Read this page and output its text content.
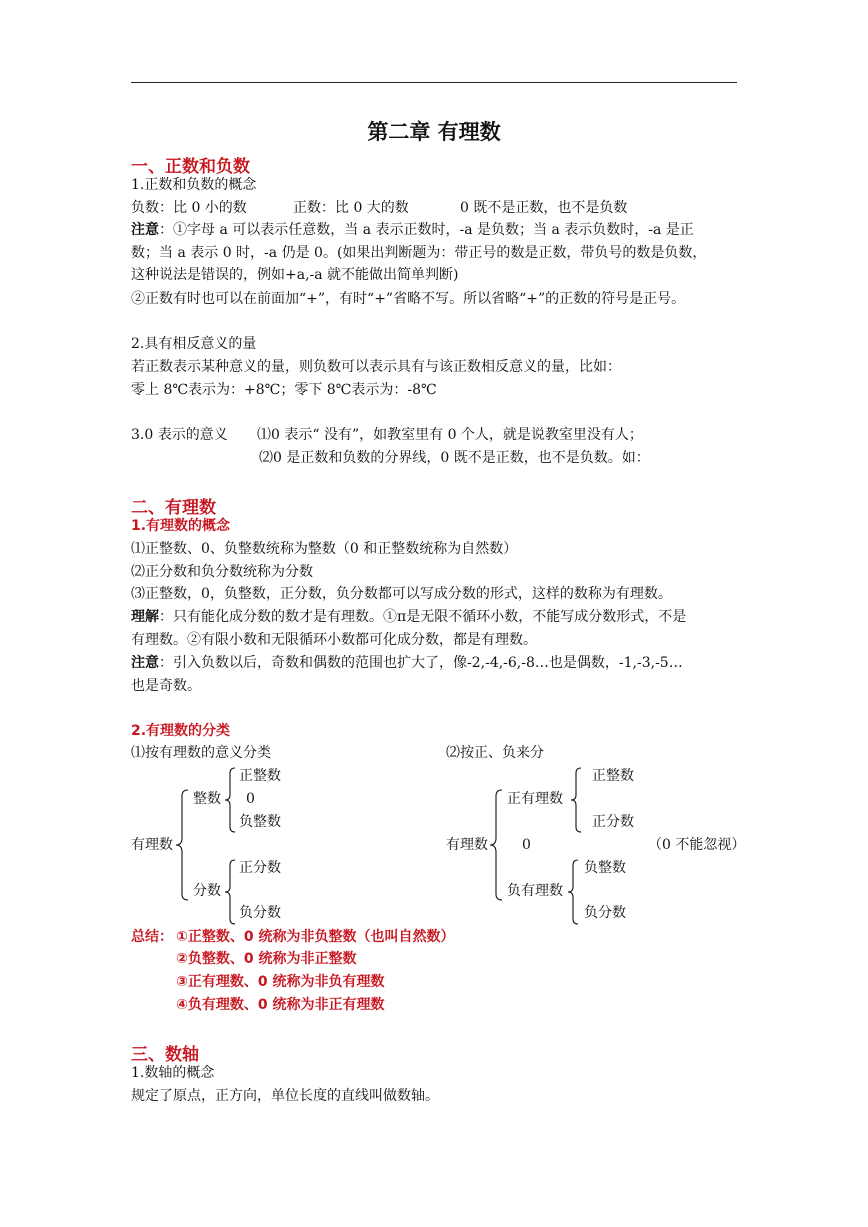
第二章 有理数
一、正数和负数
1.正数和负数的概念
负数：比 0 小的数	正数：比 0 大的数	0 既不是正数，也不是负数
注意：①字母 a 可以表示任意数，当 a 表示正数时，-a 是负数；当 a 表示负数时，-a 是正
数；当 a 表示 0 时，-a 仍是 0。(如果出判断题为：带正号的数是正数，带负号的数是负数，
这种说法是错误的，例如+a,-a 就不能做出简单判断)
②正数有时也可以在前面加“+”，有时“+”省略不写。所以省略“+”的正数的符号是正号。
2.具有相反意义的量
若正数表示某种意义的量，则负数可以表示具有与该正数相反意义的量，比如：
零上 8℃表示为：+8℃；零下 8℃表示为：-8℃
3.0 表示的意义 ⑴0 表示“ 没有”，如教室里有 0 个人，就是说教室里没有人；
⑵0 是正数和负数的分界线，0 既不是正数，也不是负数。如：
二、有理数
1.有理数的概念
⑴正整数、0、负整数统称为整数（0 和正整数统称为自然数）
⑵正分数和负分数统称为分数
⑶正整数，0，负整数，正分数，负分数都可以写成分数的形式，这样的数称为有理数。
理解：只有能化成分数的数才是有理数。①π是无限不循环小数，不能写成分数形式，不是
有理数。②有限小数和无限循环小数都可化成分数，都是有理数。
注意：引入负数以后，奇数和偶数的范围也扩大了，像-2,-4,-6,-8…也是偶数，-1,-3,-5…
也是奇数。
2.有理数的分类
⑴按有理数的意义分类
有理数
整数
分数
正整数
0
负整数
正分数
负分数
⑵按正、负来分
有理数
正有理数
0
负有理数
正整数
正分数
负整数
负分数
（0 不能忽视）
总结： ①正整数、0 统称为非负整数（也叫自然数）
②负整数、0 统称为非正整数
③正有理数、0 统称为非负有理数
④负有理数、0 统称为非正有理数
三、数轴
1.数轴的概念
规定了原点，正方向，单位长度的直线叫做数轴。
